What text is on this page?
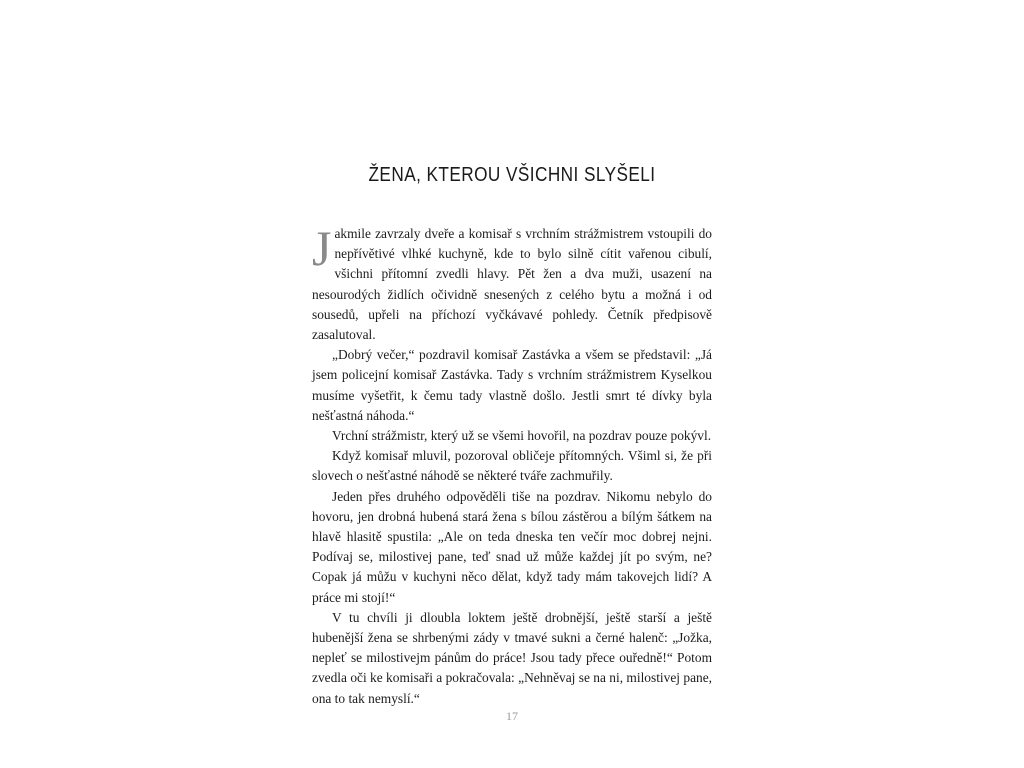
ŽENA, KTEROU VŠICHNI SLYŠELI

Jakmile zavrzaly dveře a komisař s vrchním strážmistrem vstoupili do nepřívětivé vlhké kuchyně, kde to bylo silně cítit vařenou cibulí, všichni přítomní zvedli hlavy. Pět žen a dva muži, usazení na nesourodých židlích očividně snesených z celého bytu a možná i od sousedů, upřeli na příchozí vyčkávavé pohledy. Četník předpisově zasalutoval.

„Dobrý večer,“ pozdravil komisař Zastávka a všem se představil: „Já jsem policejní komisař Zastávka. Tady s vrchním strážmistrem Kyselkou musíme vyšetřit, k čemu tady vlastně došlo. Jestli smrt té dívky byla nešťastná náhoda.“

Vrchní strážmistr, který už se všemi hovořil, na pozdrav pouze pokývl.

Když komisař mluvil, pozoroval obličeje přítomných. Všiml si, že při slovech o nešťastné náhodě se některé tváře zachmuřily.

Jeden přes druhého odpověděli tiše na pozdrav. Nikomu nebylo do hovoru, jen drobná hubená stará žena s bílou zástěrou a bílým šátkem na hlavě hlasitě spustila: „Ale on teda dneska ten večír moc dobrej nejni. Podívaj se, milostivej pane, teď snad už může každej jít po svým, ne? Copak já můžu v kuchyni něco dělat, když tady mám takovejch lidí? A práce mi stojí!“

V tu chvíli ji dloubla loktem ještě drobnější, ještě starší a ještě hubenější žena se shrbenými zády v tmavé sukni a černé halenč: „Jožka, nepleť se milostivejm pánům do práce! Jsou tady přece ouředně!“ Potom zvedla oči ke komisaři a pokračovala: „Nehněvaj se na ni, milostivej pane, ona to tak nemyslí.“

17
